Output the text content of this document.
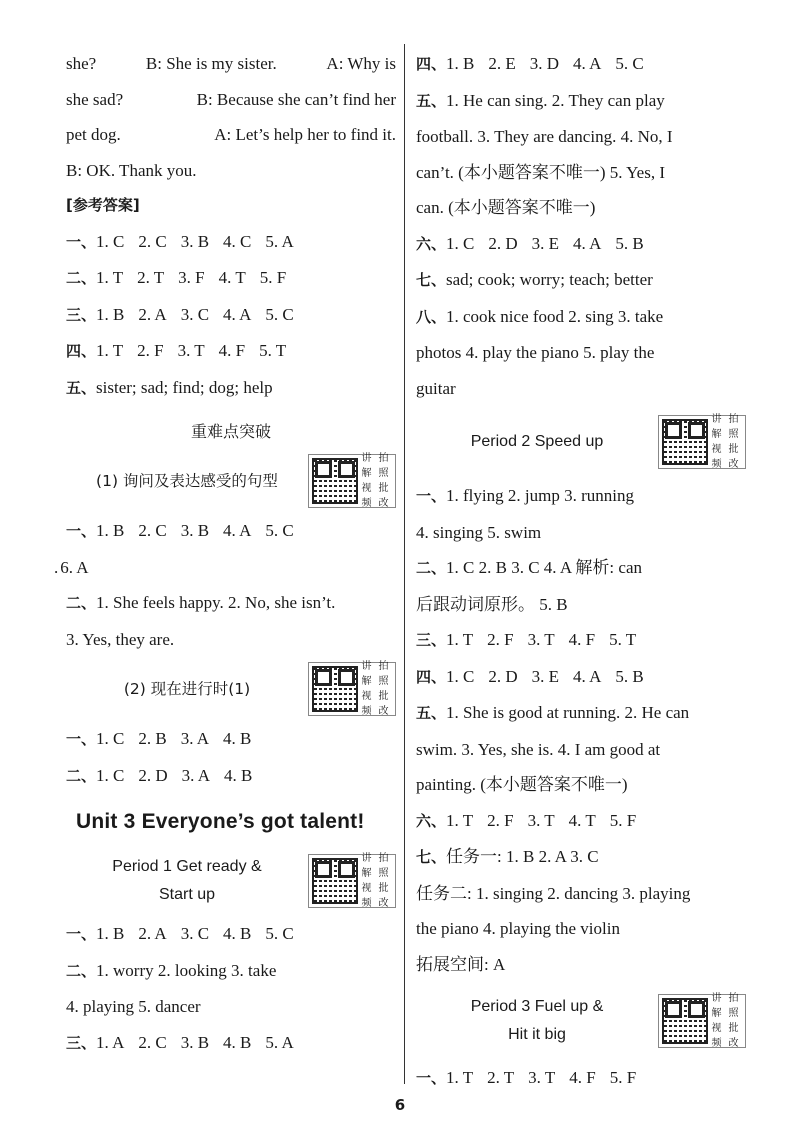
she?	B: She is my sister.	A: Why is
she sad?	B: Because she can’t find her
pet dog.	A: Let’s help her to find it.
B: OK. Thank you.
[参考答案]
一、1. C 2. C 3. B 4. C 5. A
二、1. T 2. T 3. F 4. T 5. F
三、1. B 2. A 3. C 4. A 5. C
四、1. T 2. F 3. T 4. F 5. T
五、sister; sad; find; dog; help
重难点突破
(1) 询问及表达感受的句型
讲 拍
解 照
视 批
频 改
一、1. B 2. C 3. B 4. A 5. C
. 6. A
二、1. She feels happy. 2. No, she isn’t.
3. Yes, they are.
(2) 现在进行时(1)
讲 拍
解 照
视 批
频 改
一、1. C 2. B 3. A 4. B
二、1. C 2. D 3. A 4. B
Unit 3 Everyone’s got talent!
Period 1 Get ready &
Start up
讲 拍
解 照
视 批
频 改
一、1. B 2. A 3. C 4. B 5. C
二、1. worry 2. looking 3. take
4. playing 5. dancer
三、1. A 2. C 3. B 4. B 5. A
四、1. B 2. E 3. D 4. A 5. C
五、1. He can sing. 2. They can play
football. 3. They are dancing. 4. No, I
can’t. (本小题答案不唯一) 5. Yes, I
can. (本小题答案不唯一)
六、1. C 2. D 3. E 4. A 5. B
七、sad; cook; worry; teach; better
八、1. cook nice food 2. sing 3. take
photos 4. play the piano 5. play the
guitar
Period 2 Speed up
讲 拍
解 照
视 批
频 改
一、1. flying 2. jump 3. running
4. singing 5. swim
二、1. C 2. B 3. C 4. A 解析: can
后跟动词原形。 5. B
三、1. T 2. F 3. T 4. F 5. T
四、1. C 2. D 3. E 4. A 5. B
五、1. She is good at running. 2. He can
swim. 3. Yes, she is. 4. I am good at
painting. (本小题答案不唯一)
六、1. T 2. F 3. T 4. T 5. F
七、任务一: 1. B 2. A 3. C
任务二: 1. singing 2. dancing 3. playing
the piano 4. playing the violin
拓展空间: A
Period 3 Fuel up &
Hit it big
讲 拍
解 照
视 批
频 改
一、1. T 2. T 3. T 4. F 5. F
6
